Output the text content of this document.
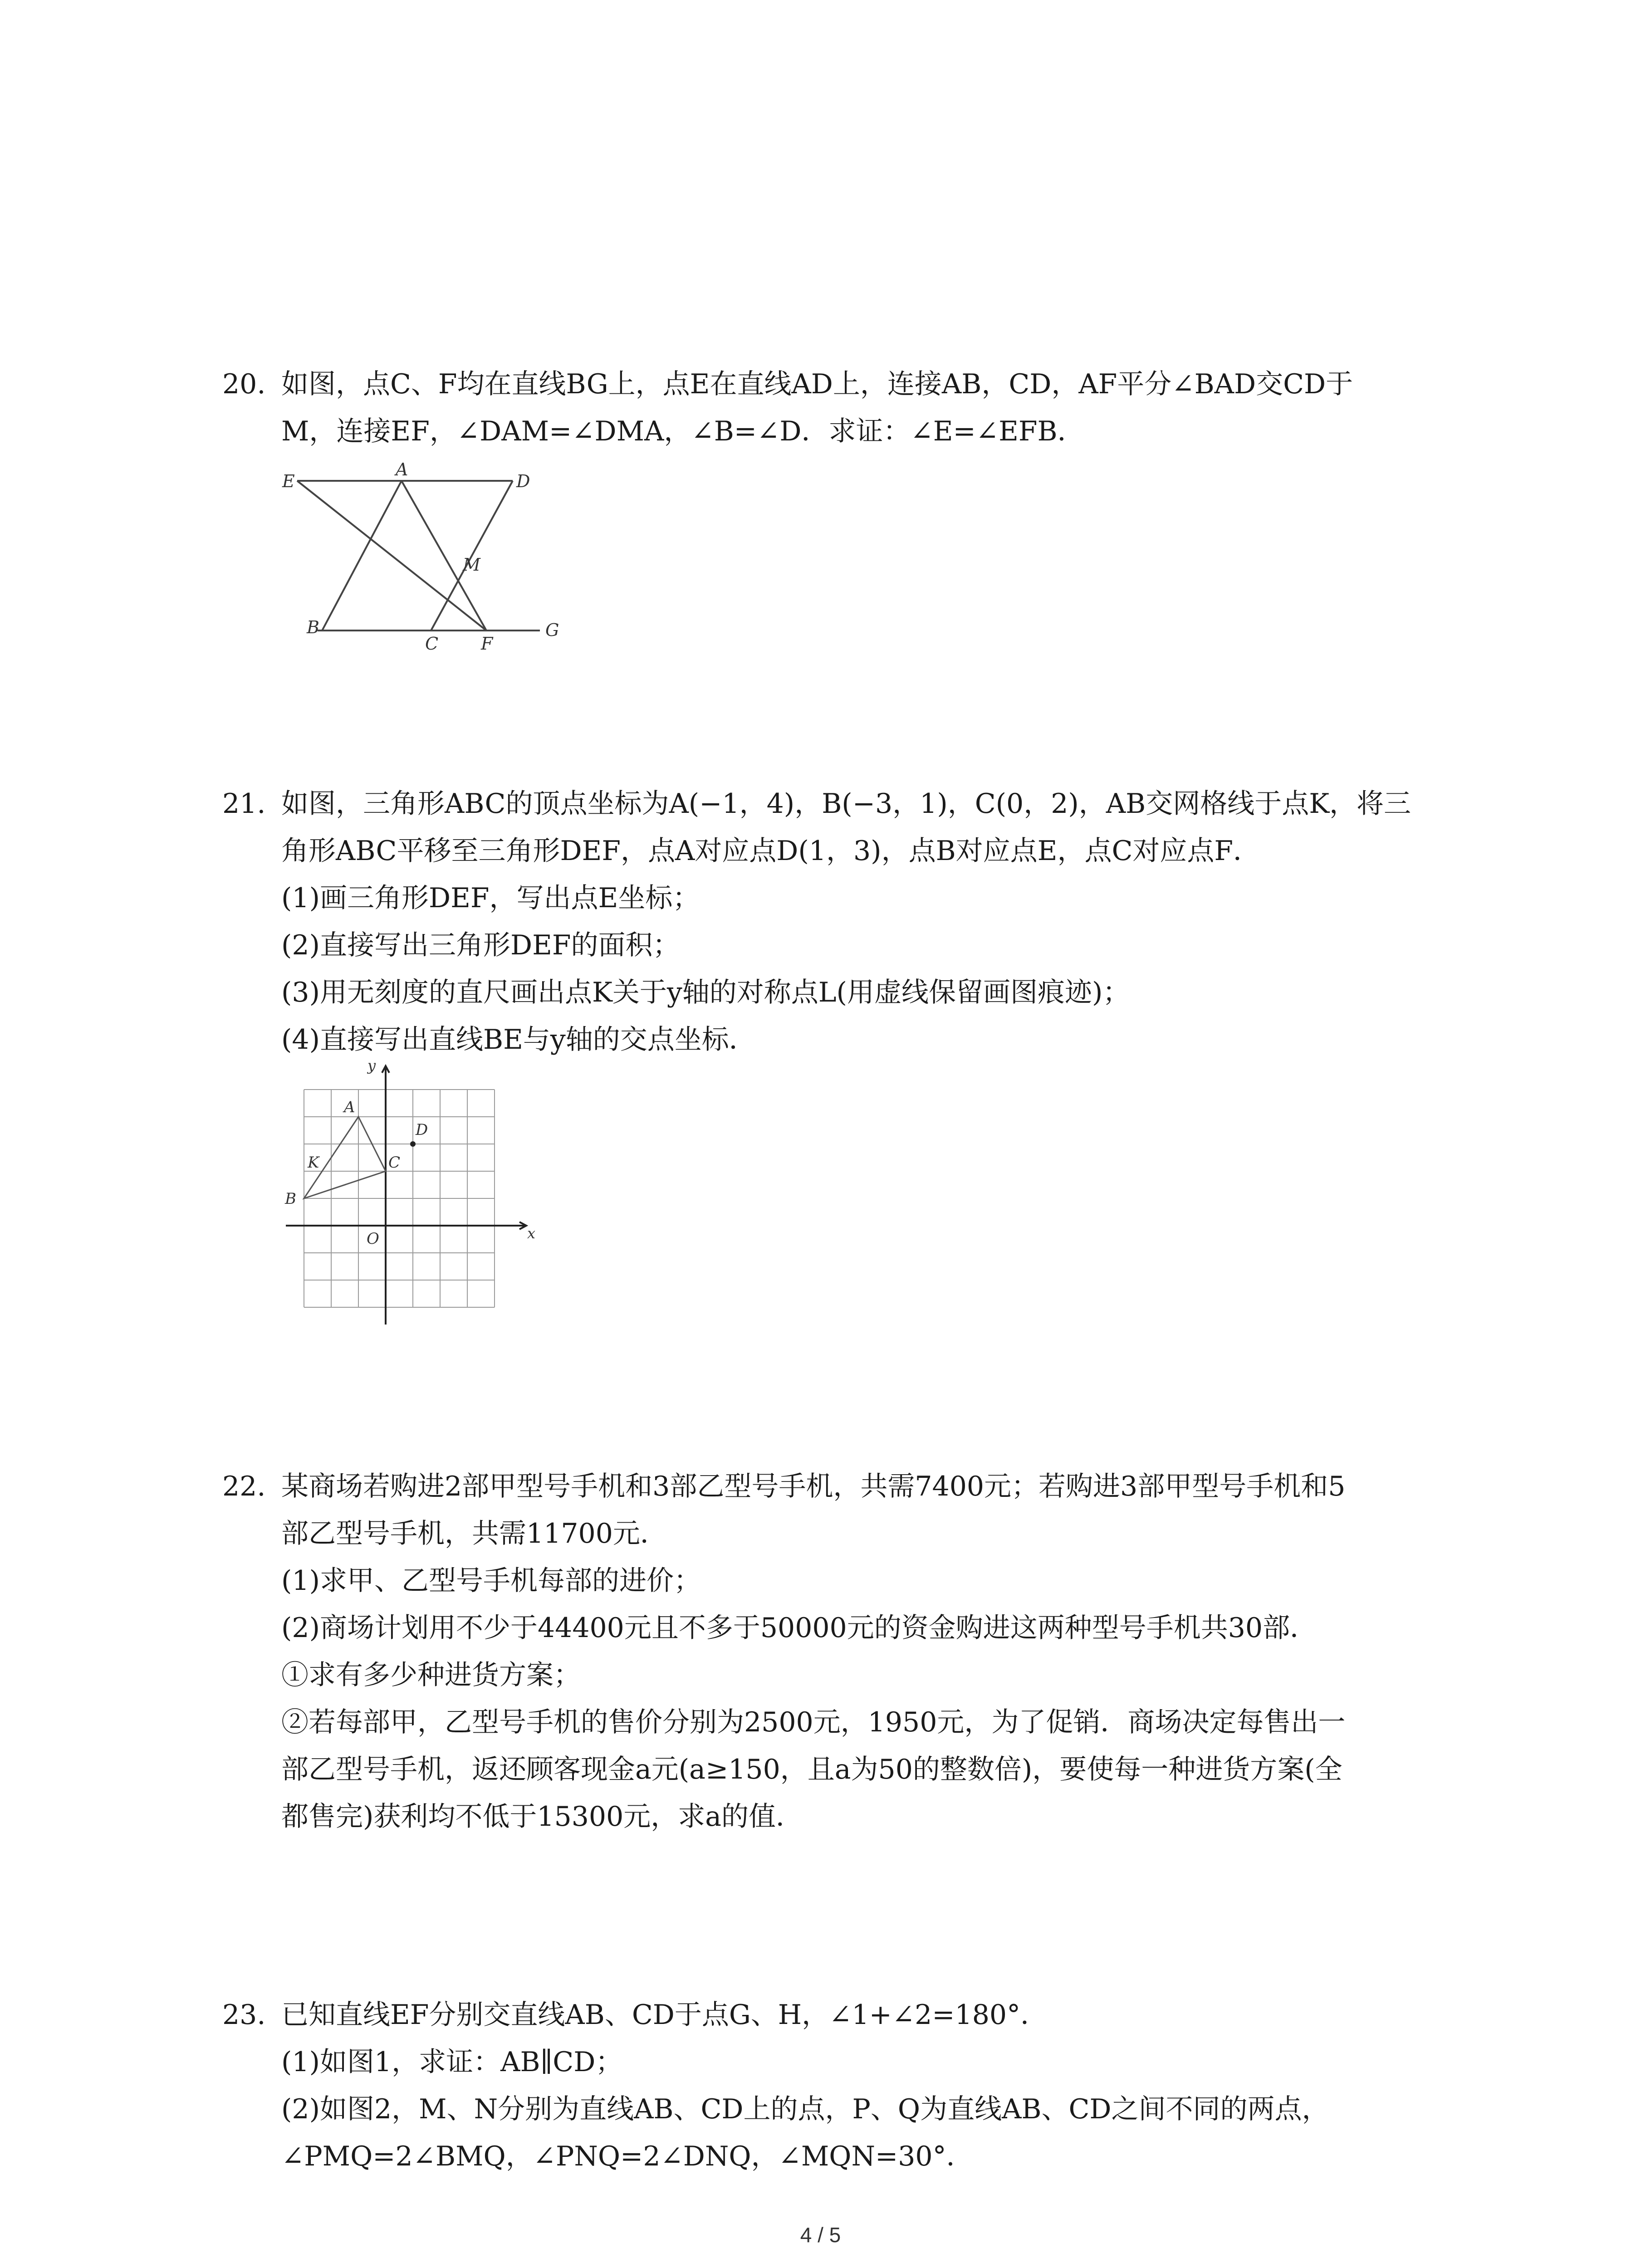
20. 如图，点C、F均在直线BG上，点E在直线AD上，连接AB，CD，AF平分∠BAD交CD于
M，连接EF，∠DAM=∠DMA，∠B=∠D．求证：∠E=∠EFB．
E
A
D
M
B
C F
G
21. 如图，三角形ABC的顶点坐标为A(−1，4)，B(−3，1)，C(0，2)，AB交网格线于点K，将三
角形ABC平移至三角形DEF，点A对应点D(1，3)，点B对应点E，点C对应点F．
(1)画三角形DEF，写出点E坐标；
(2)直接写出三角形DEF的面积；
(3)用无刻度的直尺画出点K关于y轴的对称点L(用虚线保留画图痕迹)；
(4)直接写出直线BE与y轴的交点坐标．
y
x
O
A
B
C
D
K
22. 某商场若购进2部甲型号手机和3部乙型号手机，共需7400元；若购进3部甲型号手机和5
部乙型号手机，共需11700元．
(1)求甲、乙型号手机每部的进价；
(2)商场计划用不少于44400元且不多于50000元的资金购进这两种型号手机共30部．
①求有多少种进货方案；
②若每部甲，乙型号手机的售价分别为2500元，1950元，为了促销．商场决定每售出一
部乙型号手机，返还顾客现金a元(a≥150，且a为50的整数倍)，要使每一种进货方案(全
都售完)获利均不低于15300元，求a的值．
23. 已知直线EF分别交直线AB、CD于点G、H，∠1+∠2=180°．
(1)如图1，求证：AB∥CD；
(2)如图2，M、N分别为直线AB、CD上的点，P、Q为直线AB、CD之间不同的两点，
∠PMQ=2∠BMQ，∠PNQ=2∠DNQ，∠MQN=30°．
4 / 5
